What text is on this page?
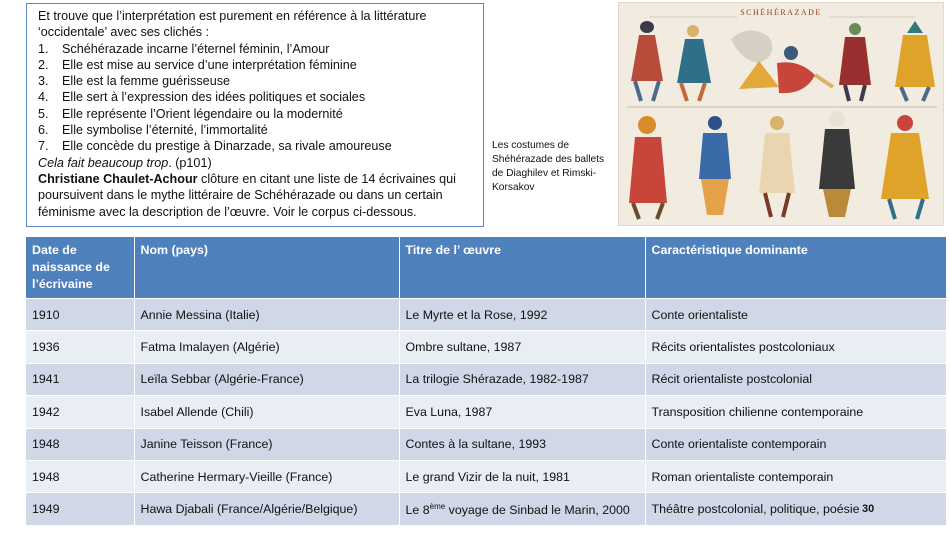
Et trouve que l’interprétation est purement en référence à la littérature ‘occidentale’ avec ses clichés :

1. Schéhérazade incarne l’éternel féminin, l’Amour
2. Elle est mise au service d’une interprétation féminine
3. Elle est la femme guérisseuse
4. Elle sert à l’expression des idées politiques et sociales
5. Elle représente l’Orient légendaire ou la modernité
6. Elle symbolise l’éternité, l’immortalité
7. Elle concède du prestige à Dinarzade, sa rivale amoureuse

Cela fait beaucoup trop. (p101)

Christiane Chaulet-Achour clôture en citant une liste de 14 écrivaines qui poursuivent dans le mythe littéraire de Schéhérazade ou dans un certain féminisme avec la description de l’œuvre. Voir le corpus ci-dessous.

Les costumes de Shéhérazade des ballets de Diaghilev et Rimski-Korsakov
SCHÉHÉRAZADE
Date de naissance de l’écrivaine	Nom (pays)	Titre de l’ œuvre	Caractéristique dominante
1910	Annie Messina (Italie)	Le Myrte et la Rose, 1992	Conte orientaliste
1936	Fatma Imalayen (Algérie)	Ombre sultane, 1987	Récits orientalistes postcoloniaux
1941	Leïla Sebbar (Algérie-France)	La trilogie Shérazade, 1982-1987	Récit orientaliste postcolonial
1942	Isabel Allende (Chili)	Eva Luna, 1987	Transposition chilienne contemporaine
1948	Janine Teisson (France)	Contes à la sultane, 1993	Conte orientaliste contemporain
1948	Catherine Hermary-Vieille (France)	Le grand Vizir de la nuit, 1981	Roman orientaliste contemporain
1949	Hawa Djabali (France/Algérie/Belgique)	Le 8ème voyage de Sinbad le Marin, 2000	Théâtre postcolonial, politique, poésie 30
